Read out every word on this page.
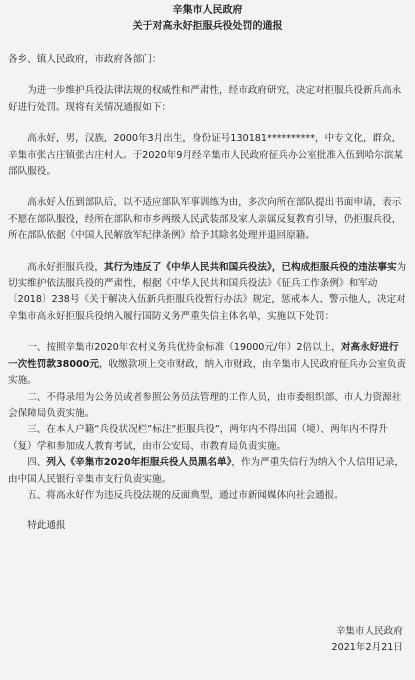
辛集市人民政府
关于对高永好拒服兵役处罚的通报

各乡、镇人民政府，市政府各部门：

为进一步维护兵役法律法规的权威性和严肃性，经市政府研究，决定对拒服兵役新兵高永好进行处罚。现将有关情况通报如下：

高永好，男，汉族，2000年3月出生，身份证号130181**********，中专文化，群众，辛集市张古庄镇张古庄村人。于2020年9月经辛集市人民政府征兵办公室批准入伍到哈尔滨某部队服役。

高永好入伍到部队后，以不适应部队军事训练为由，多次向所在部队提出书面申请，表示不愿在部队服役，经所在部队和市乡两级人民武装部及家人亲属反复教育引导，仍拒服兵役，所在部队依据《中国人民解放军纪律条例》给予其除名处理并退回原籍。

高永好拒服兵役，其行为违反了《中华人民共和国兵役法》，已构成拒服兵役的违法事实为切实维护依法服兵役的严肃性，根据《中华人民共和国兵役法》《征兵工作条例》和军动〔2018〕238号《关于解决入伍新兵拒服兵役暂行办法》规定，惩戒本人、警示他人，决定对辛集市高永好拒服兵役纳入履行国防义务严重失信主体名单，实施以下处罚：

一、按照辛集市2020年农村义务兵优待金标准（19000元/年）2倍以上，对高永好进行一次性罚款38000元，收缴款项上交市财政，纳入市财政，由辛集市人民政府征兵办公室负责实施。

二、不得录用为公务员或者参照公务员法管理的工作人员，由市委组织部、市人力资源社会保障局负责实施。

三、在本人户籍“兵役状况栏”标注“拒服兵役”，两年内不得出国（境）、两年内不得升（复）学和参加成人教育考试，由市公安局、市教育局负责实施。

四、列入《辛集市2020年拒服兵役人员黑名单》，作为严重失信行为纳入个人信用记录，由中国人民银行辛集市支行负责实施。

五、将高永好作为违反兵役法规的反面典型，通过市新闻媒体向社会通报。

特此通报

辛集市人民政府
2021年2月21日
